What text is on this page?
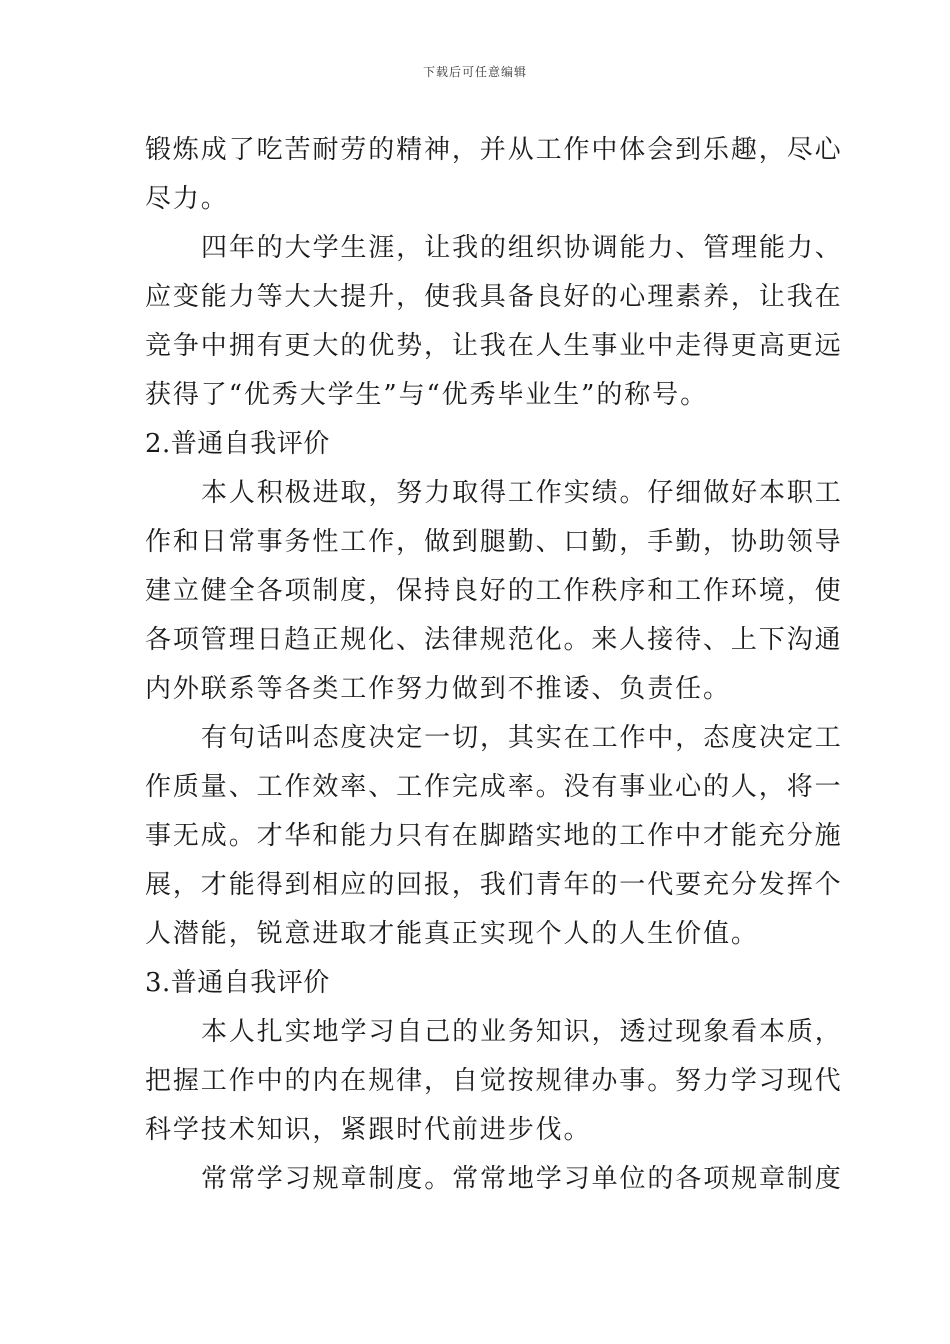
下载后可任意编辑
锻炼成了吃苦耐劳的精神，并从工作中体会到乐趣，尽心
尽力。
四年的大学生涯，让我的组织协调能力、管理能力、
应变能力等大大提升，使我具备良好的心理素养，让我在
竞争中拥有更大的优势，让我在人生事业中走得更高更远
获得了“优秀大学生”与“优秀毕业生”的称号。
2.普通自我评价
本人积极进取，努力取得工作实绩。仔细做好本职工
作和日常事务性工作，做到腿勤、口勤，手勤，协助领导
建立健全各项制度，保持良好的工作秩序和工作环境，使
各项管理日趋正规化、法律规范化。来人接待、上下沟通
内外联系等各类工作努力做到不推诿、负责任。
有句话叫态度决定一切，其实在工作中，态度决定工
作质量、工作效率、工作完成率。没有事业心的人，将一
事无成。才华和能力只有在脚踏实地的工作中才能充分施
展，才能得到相应的回报，我们青年的一代要充分发挥个
人潜能，锐意进取才能真正实现个人的人生价值。
3.普通自我评价
本人扎实地学习自己的业务知识，透过现象看本质，
把握工作中的内在规律，自觉按规律办事。努力学习现代
科学技术知识，紧跟时代前进步伐。
常常学习规章制度。常常地学习单位的各项规章制度
